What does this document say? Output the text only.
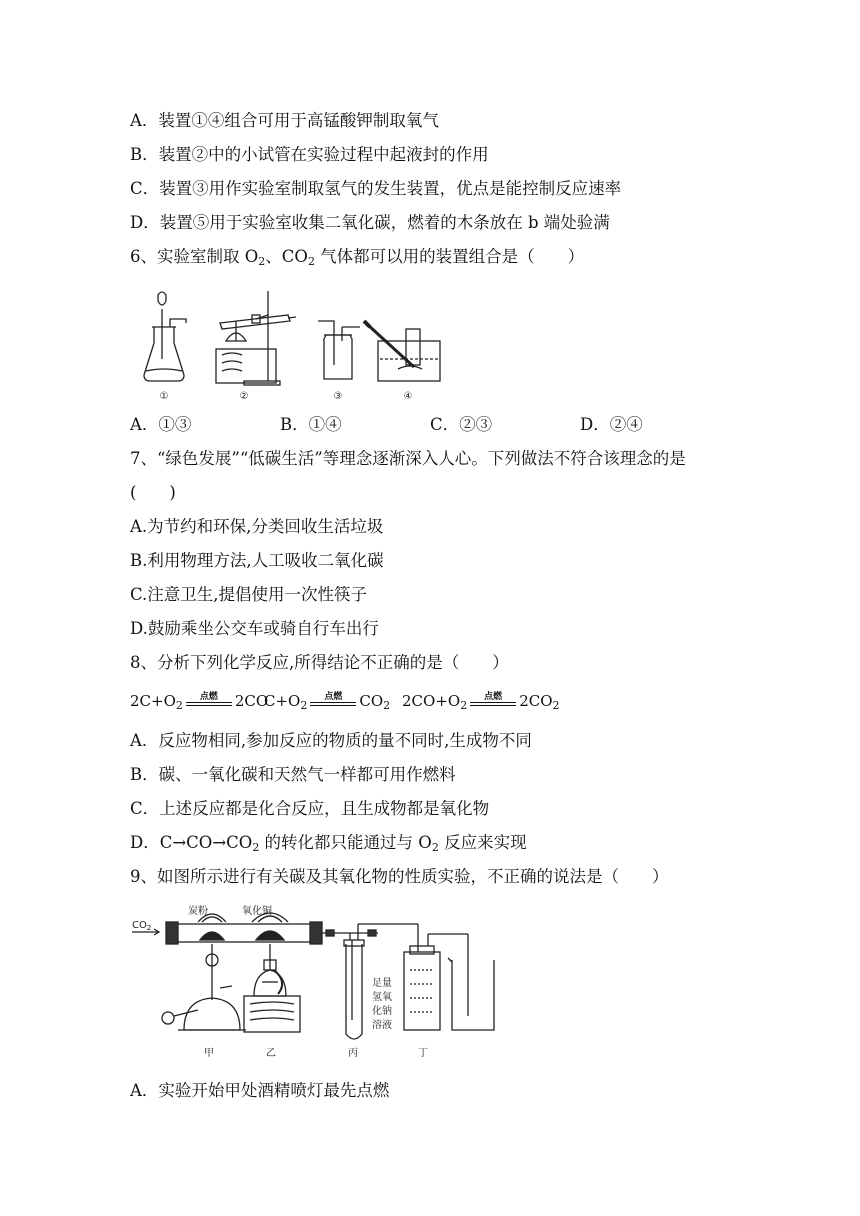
A．装置①④组合可用于高锰酸钾制取氧气
B．装置②中的小试管在实验过程中起液封的作用
C．装置③用作实验室制取氢气的发生装置，优点是能控制反应速率
D．装置⑤用于实验室收集二氧化碳，燃着的木条放在 b 端处验满
6、实验室制取 $O_2$、$CO_2$ 气体都可以用的装置组合是（　　）
①	②	③	④
A．①③	B．①④	C．②③	D．②④
7、“绿色发展”“低碳生活”等理念逐渐深入人心。下列做法不符合该理念的是
(　　)
A.为节约和环保,分类回收生活垃圾
B.利用物理方法,人工吸收二氧化碳
C.注意卫生,提倡使用一次性筷子
D.鼓励乘坐公交车或骑自行车出行
8、分析下列化学反应,所得结论不正确的是（　　）
$2C+O_2$
点燃	2CO
$C+O_2$
点燃	$CO_2$ $2CO+O_2$
点燃	$2CO_2$
A．反应物相同,参加反应的物质的量不同时,生成物不同
B．碳、一氧化碳和天然气一样都可用作燃料
C．上述反应都是化合反应，且生成物都是氧化物
D．$C\to CO\to CO_2$ 的转化都只能通过与 $O_2$ 反应来实现
9、如图所示进行有关碳及其氧化物的性质实验，不正确的说法是（　　）
$CO_2$
炭粉	氧化铜
足量
氢氧
化钠
溶液
甲	乙	丙	丁
A．实验开始甲处酒精喷灯最先点燃
